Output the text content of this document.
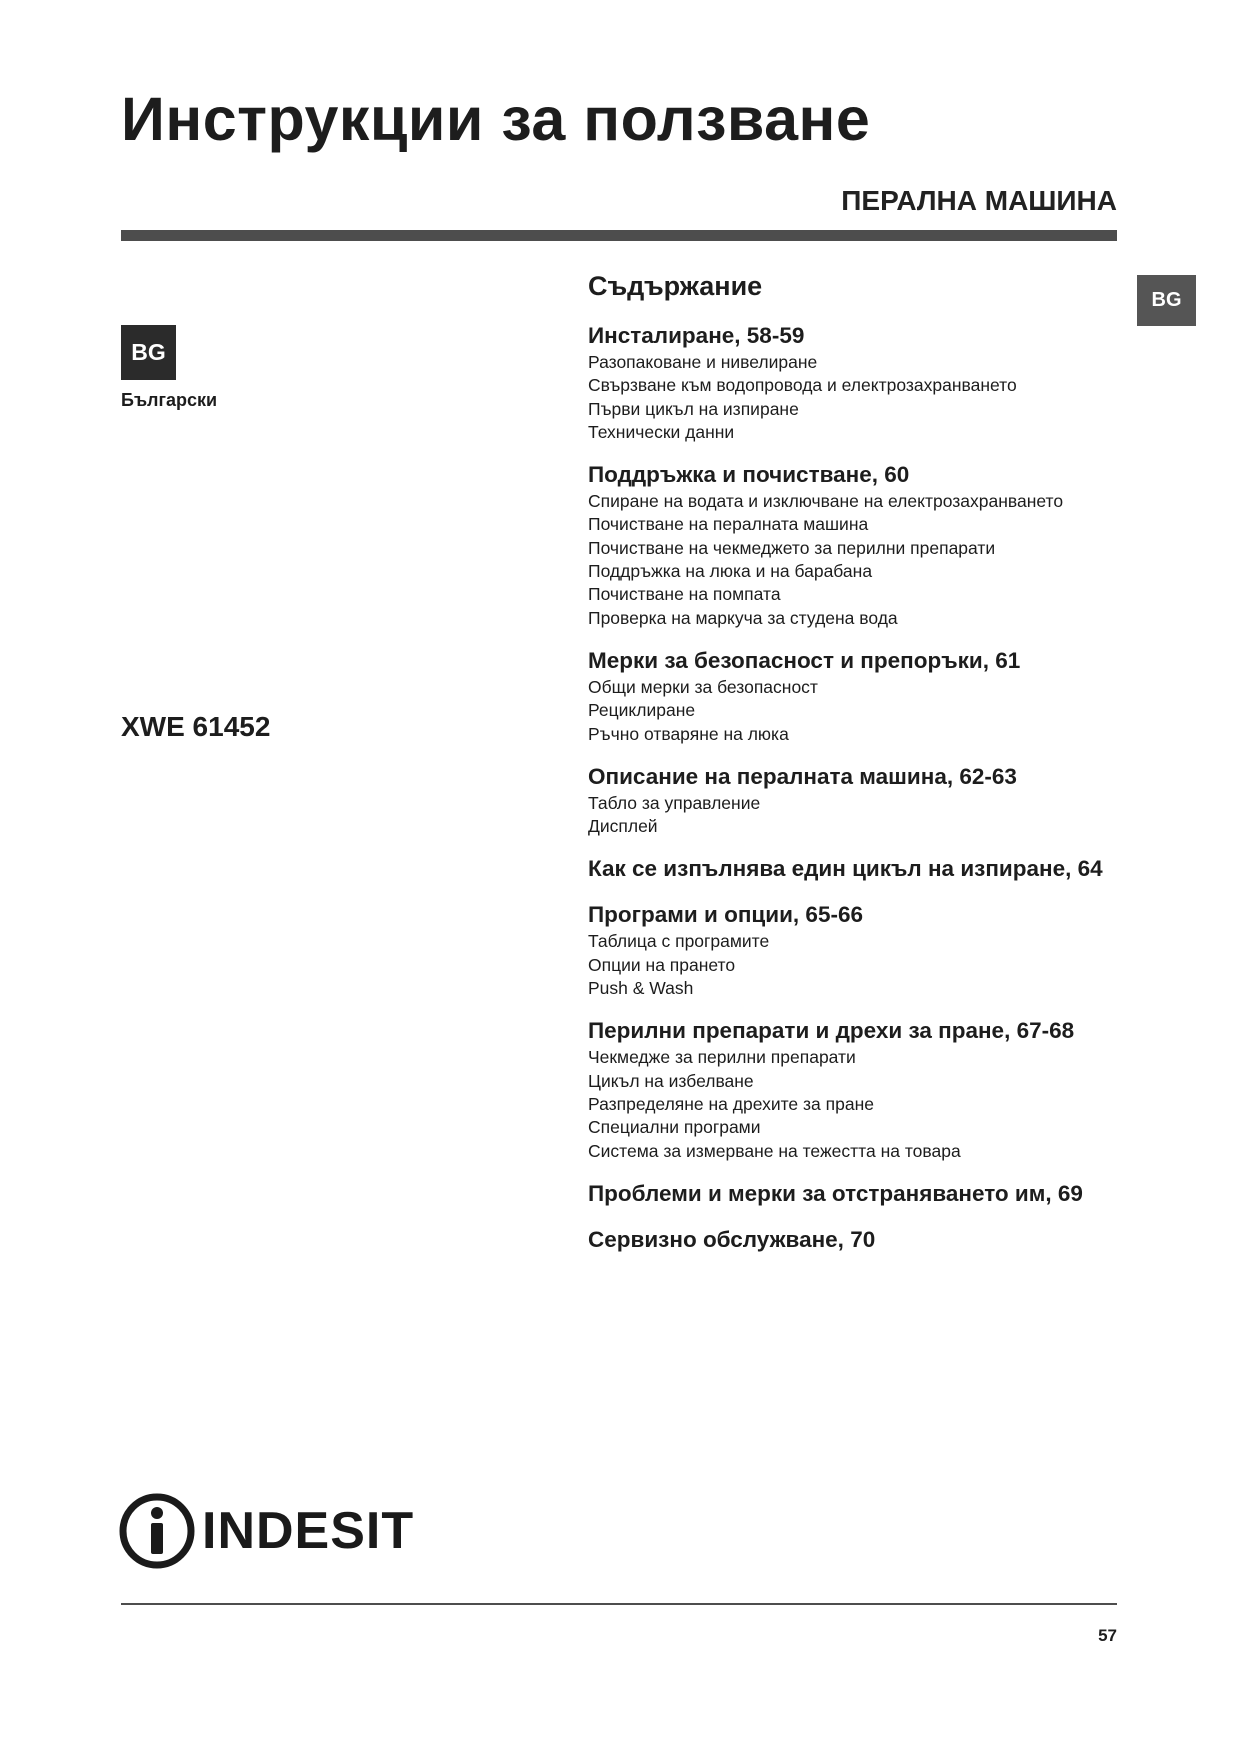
Инструкции за ползване
ПЕРАЛНА МАШИНА
BG
BG
Български
XWE 61452
Съдържание
Инсталиране, 58-59
Разопаковане и нивелиране
Свързване към водопровода и електрозахранването
Първи цикъл на изпиране
Технически данни
Поддръжка и почистване, 60
Спиране на водата и изключване на електрозахранването
Почистване на пералната машина
Почистване на чекмеджето за перилни препарати
Поддръжка на люка и на барабана
Почистване на помпата
Проверка на маркуча за студена вода
Мерки за безопасност и препоръки, 61
Общи мерки за безопасност
Рециклиране
Ръчно отваряне на люка
Описание на пералната машина, 62-63
Табло за управление
Дисплей
Как се изпълнява един цикъл на изпиране, 64
Програми и опции, 65-66
Таблица с програмите
Опции на прането
Push & Wash
Перилни препарати и дрехи за пране, 67-68
Чекмедже за перилни препарати
Цикъл на избелване
Разпределяне на дрехите за пране
Специални програми
Система за измерване на тежестта на товара
Проблеми и мерки за отстраняването им, 69
Сервизно обслужване, 70
INDESIT
57
